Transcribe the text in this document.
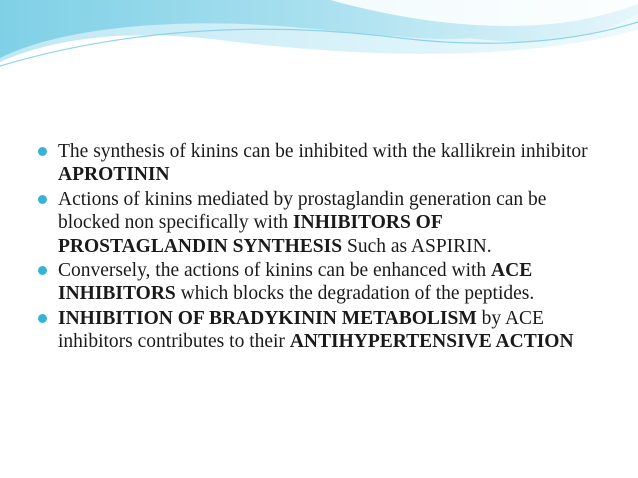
The synthesis of kinins can be inhibited with the kallikrein inhibitor APROTININ
Actions of kinins mediated by prostaglandin generation can be blocked non specifically with INHIBITORS OF PROSTAGLANDIN SYNTHESIS Such as ASPIRIN.
Conversely, the actions of kinins can be enhanced with ACE INHIBITORS which blocks the degradation of the peptides.
INHIBITION OF BRADYKININ METABOLISM by ACE inhibitors contributes to their ANTIHYPERTENSIVE ACTION
